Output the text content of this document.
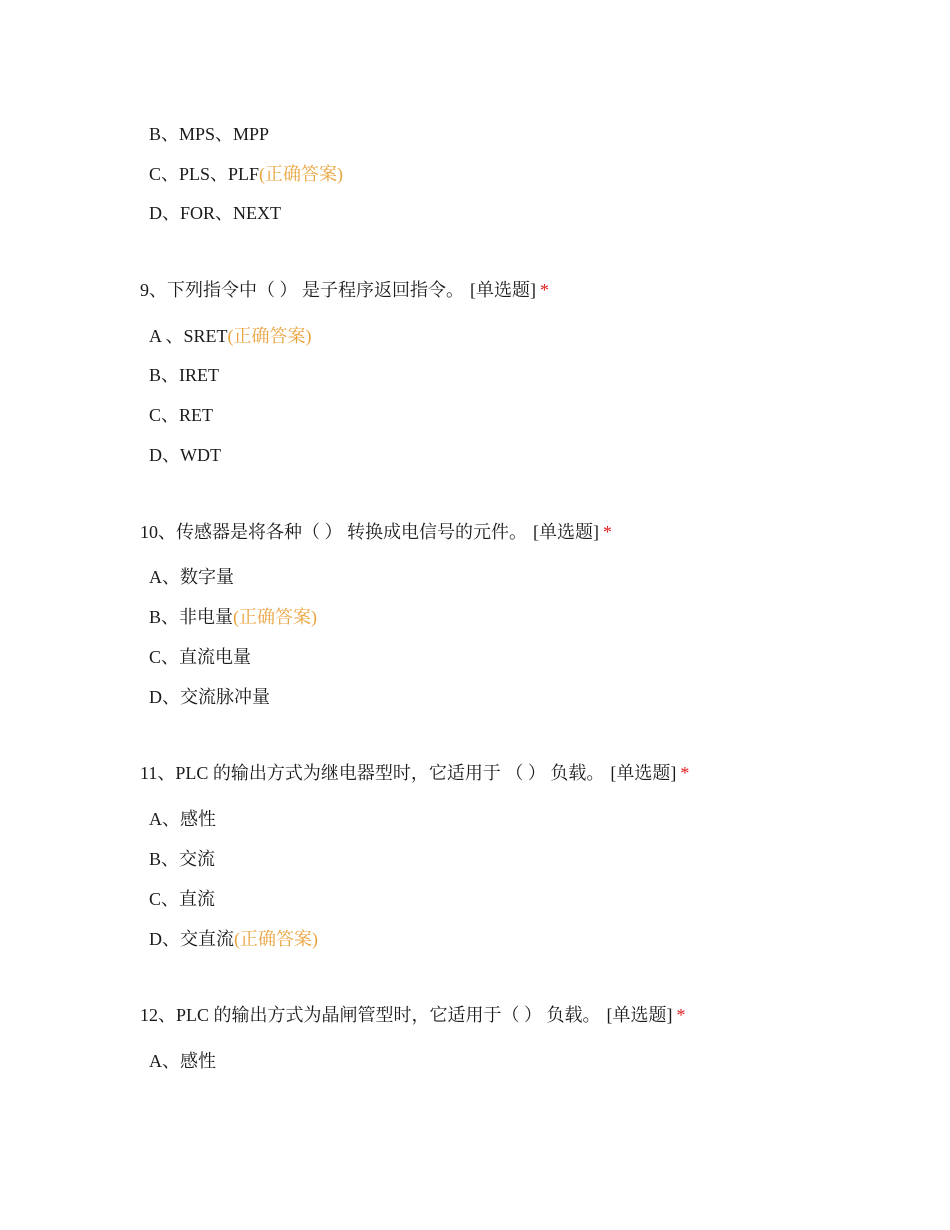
B、MPS、MPP
C、PLS、PLF(正确答案)
D、FOR、NEXT
9、下列指令中（ ） 是子程序返回指令。 [单选题] *
A 、SRET(正确答案)
B、IRET
C、RET
D、WDT
10、传感器是将各种（ ） 转换成电信号的元件。 [单选题] *
A、数字量
B、非电量(正确答案)
C、直流电量
D、交流脉冲量
11、PLC 的输出方式为继电器型时，它适用于 （ ） 负载。 [单选题] *
A、感性
B、交流
C、直流
D、交直流(正确答案)
12、PLC 的输出方式为晶闸管型时，它适用于（ ） 负载。 [单选题] *
A、感性
